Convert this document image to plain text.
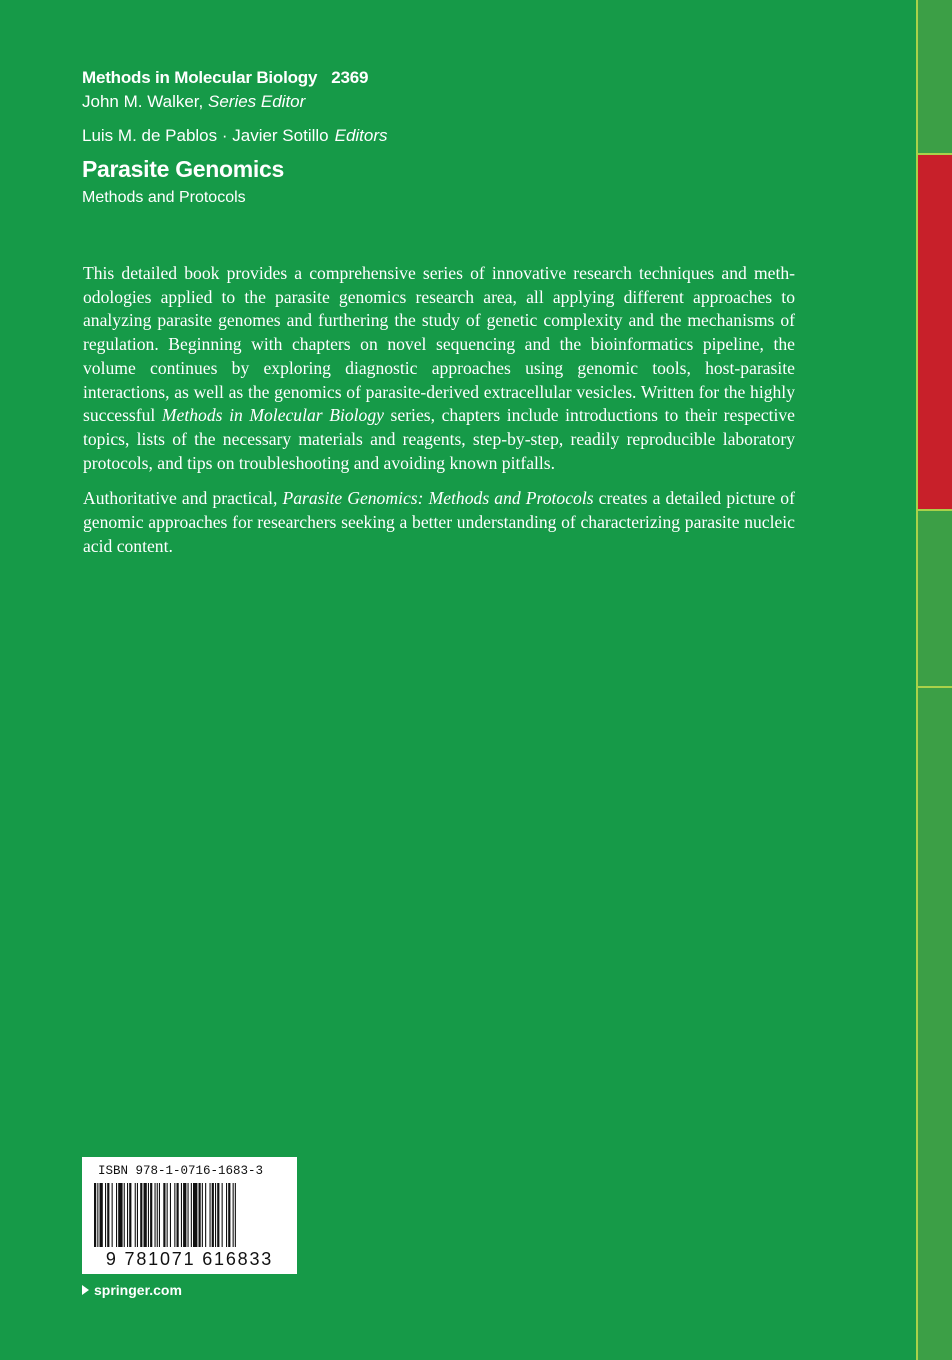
Methods in Molecular Biology 2369
John M. Walker, Series Editor
Luis M. de Pablos · Javier Sotillo Editors
Parasite Genomics
Methods and Protocols

This detailed book provides a comprehensive series of innovative research techniques and methodologies applied to the parasite genomics research area, all applying different approaches to analyzing parasite genomes and furthering the study of genetic complexity and the mechanisms of regulation. Beginning with chapters on novel sequencing and the bioinformatics pipeline, the volume continues by exploring diagnostic approaches using genomic tools, host-parasite interactions, as well as the genomics of parasite-derived extracellular vesicles. Written for the highly successful Methods in Molecular Biology series, chapters include introductions to their respective topics, lists of the necessary materials and reagents, step-by-step, readily reproducible laboratory protocols, and tips on troubleshooting and avoiding known pitfalls.

Authoritative and practical, Parasite Genomics: Methods and Protocols creates a detailed picture of genomic approaches for researchers seeking a better understanding of characterizing parasite nucleic acid content.

ISBN 978-1-0716-1683-3
9 781071 616833
springer.com
